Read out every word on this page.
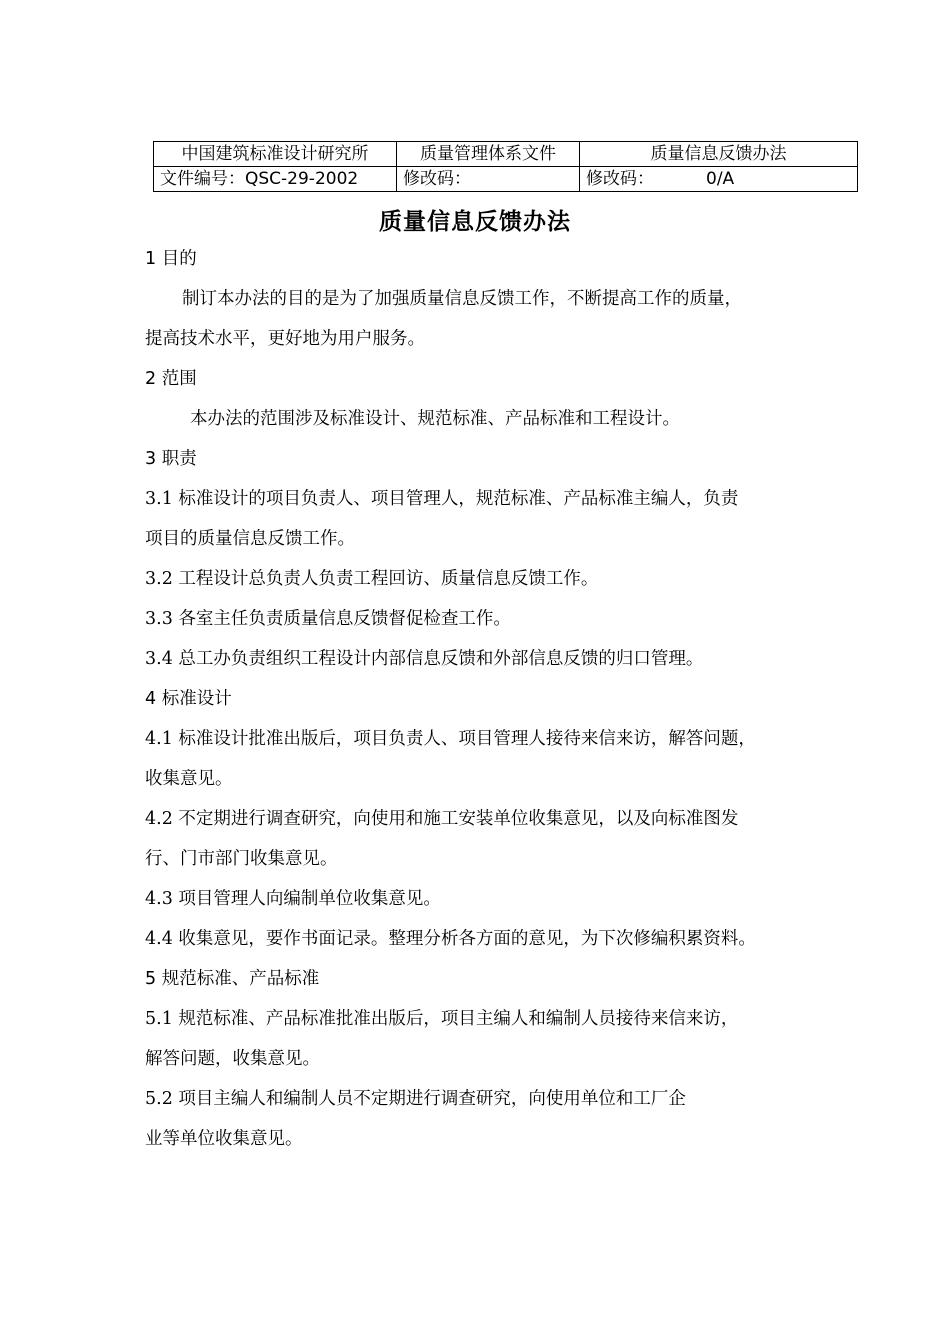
中国建筑标准设计研究所	质量管理体系文件	质量信息反馈办法
文件编号：QSC-29-2002	修改码：	修改码： 0/A
质量信息反馈办法
1 目的
制订本办法的目的是为了加强质量信息反馈工作，不断提高工作的质量，
提高技术水平，更好地为用户服务。
2 范围
本办法的范围涉及标准设计、规范标准、产品标准和工程设计。
3 职责
3.1 标准设计的项目负责人、项目管理人，规范标准、产品标准主编人，负责
项目的质量信息反馈工作。
3.2 工程设计总负责人负责工程回访、质量信息反馈工作。
3.3 各室主任负责质量信息反馈督促检查工作。
3.4 总工办负责组织工程设计内部信息反馈和外部信息反馈的归口管理。
4 标准设计
4.1 标准设计批准出版后，项目负责人、项目管理人接待来信来访，解答问题，
收集意见。
4.2 不定期进行调查研究，向使用和施工安装单位收集意见，以及向标准图发
行、门市部门收集意见。
4.3 项目管理人向编制单位收集意见。
4.4 收集意见，要作书面记录。整理分析各方面的意见，为下次修编积累资料。
5 规范标准、产品标准
5.1 规范标准、产品标准批准出版后，项目主编人和编制人员接待来信来访，
解答问题，收集意见。
5.2 项目主编人和编制人员不定期进行调查研究，向使用单位和工厂企
业等单位收集意见。
